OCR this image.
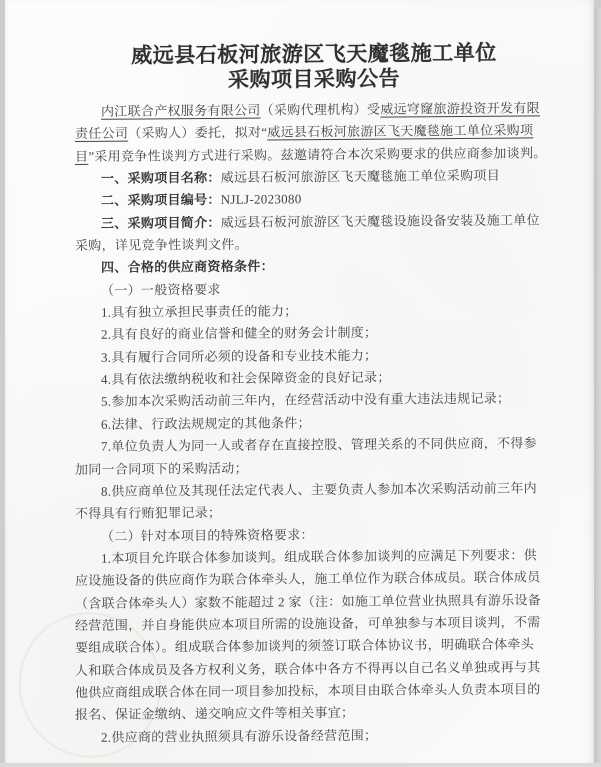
威远县石板河旅游区飞天魔毯施工单位
采购项目采购公告
内江联合产权服务有限公司（采购代理机构）受威远穹窿旅游投资开发有限
责任公司（采购人）委托，拟对“威远县石板河旅游区飞天魔毯施工单位采购项
目”采用竞争性谈判方式进行采购。兹邀请符合本次采购要求的供应商参加谈判。
一、采购项目名称：威远县石板河旅游区飞天魔毯施工单位采购项目
二、采购项目编号：NJLJ-2023080
三、采购项目简介：威远县石板河旅游区飞天魔毯设施设备安装及施工单位
采购，详见竞争性谈判文件。
四、合格的供应商资格条件：
（一）一般资格要求
1.具有独立承担民事责任的能力；
2.具有良好的商业信誉和健全的财务会计制度；
3.具有履行合同所必须的设备和专业技术能力；
4.具有依法缴纳税收和社会保障资金的良好记录；
5.参加本次采购活动前三年内，在经营活动中没有重大违法违规记录；
6.法律、行政法规规定的其他条件；
7.单位负责人为同一人或者存在直接控股、管理关系的不同供应商，不得参
加同一合同项下的采购活动；
8.供应商单位及其现任法定代表人、主要负责人参加本次采购活动前三年内
不得具有行贿犯罪记录；
（二）针对本项目的特殊资格要求：
1.本项目允许联合体参加谈判。组成联合体参加谈判的应满足下列要求：供
应设施设备的供应商作为联合体牵头人，施工单位作为联合体成员。联合体成员
（含联合体牵头人）家数不能超过 2 家（注：如施工单位营业执照具有游乐设备
经营范围，并自身能供应本项目所需的设施设备，可单独参与本项目谈判，不需
要组成联合体）。组成联合体参加谈判的须签订联合体协议书，明确联合体牵头
人和联合体成员及各方权利义务，联合体中各方不得再以自己名义单独或再与其
他供应商组成联合体在同一项目参加投标，本项目由联合体牵头人负责本项目的
报名、保证金缴纳、递交响应文件等相关事宜；
2.供应商的营业执照须具有游乐设备经营范围；
